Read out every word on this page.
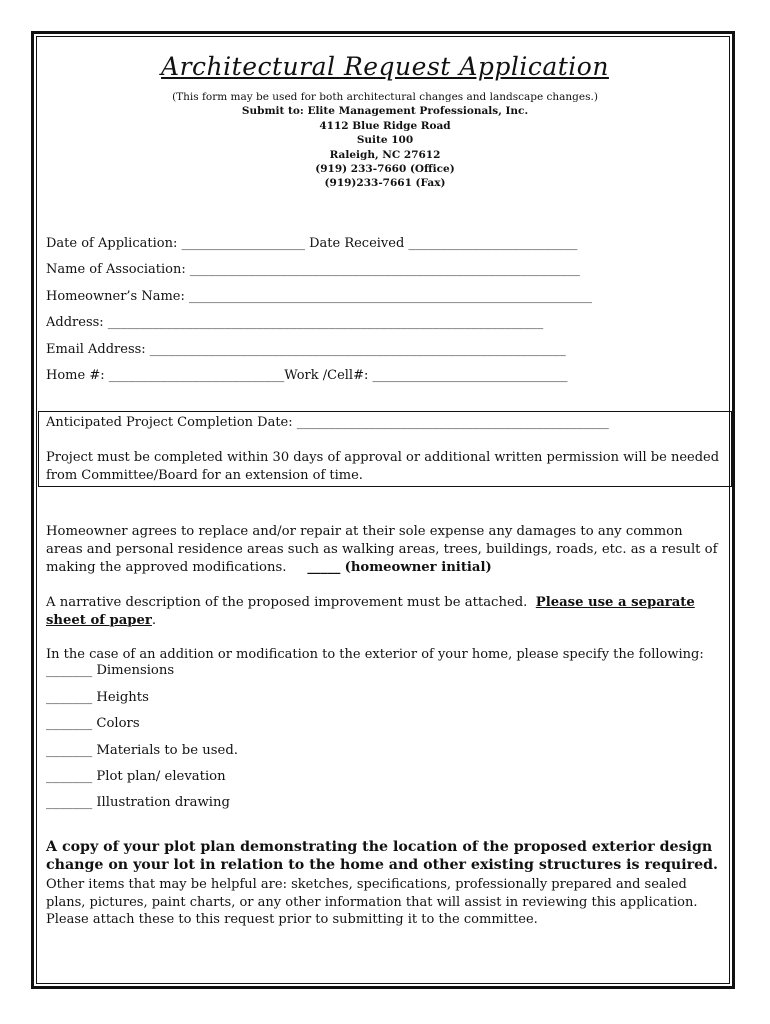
Architectural Request Application
(This form may be used for both architectural changes and landscape changes.)
Submit to: Elite Management Professionals, Inc.
4112 Blue Ridge Road
Suite 100
Raleigh, NC 27612
(919) 233-7660 (Office)
(919)233-7661 (Fax)
Date of Application: ___________________ Date Received __________________________
Name of Association: ____________________________________________________________
Homeowner’s Name: ______________________________________________________________
Address: ___________________________________________________________________
Email Address: ________________________________________________________________
Home #: ___________________________Work /Cell#: ______________________________
Anticipated Project Completion Date: ________________________________________________
Project must be completed within 30 days of approval or additional written permission will be needed from Committee/Board for an extension of time.
Homeowner agrees to replace and/or repair at their sole expense any damages to any common areas and personal residence areas such as walking areas, trees, buildings, roads, etc. as a result of making the approved modifications. _____ (homeowner initial)
A narrative description of the proposed improvement must be attached. Please use a separate sheet of paper.
In the case of an addition or modification to the exterior of your home, please specify the following:
_______ Dimensions
_______ Heights
_______ Colors
_______ Materials to be used.
_______ Plot plan/ elevation
_______ Illustration drawing
A copy of your plot plan demonstrating the location of the proposed exterior design change on your lot in relation to the home and other existing structures is required.
Other items that may be helpful are: sketches, specifications, professionally prepared and sealed plans, pictures, paint charts, or any other information that will assist in reviewing this application. Please attach these to this request prior to submitting it to the committee.
